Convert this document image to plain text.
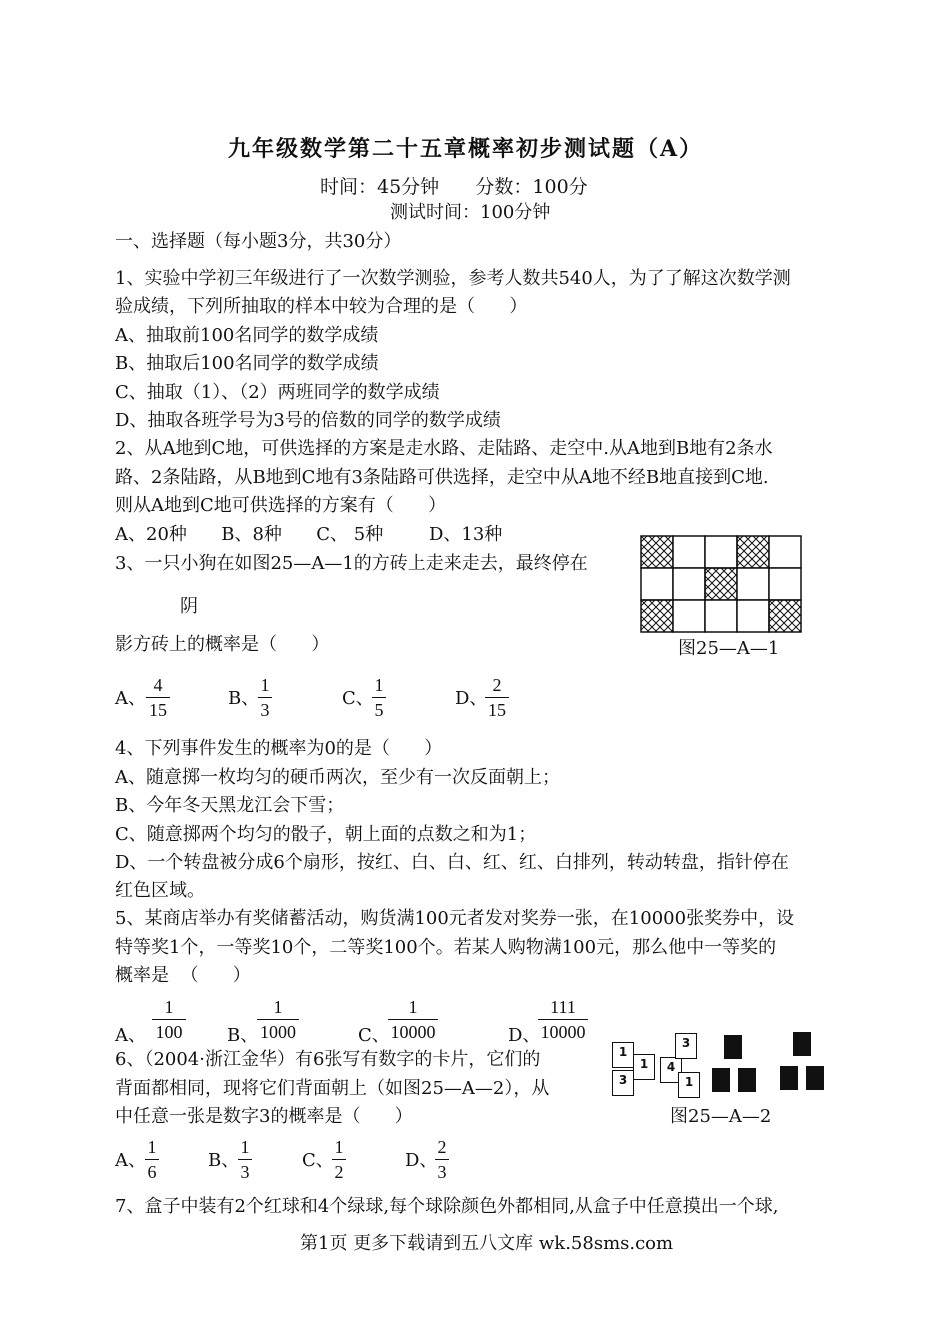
九年级数学第二十五章概率初步测试题（A）
时间：45分钟      分数：100分
测试时间：100分钟
一、选择题（每小题3分，共30分）
1、实验中学初三年级进行了一次数学测验，参考人数共540人，为了了解这次数学测
验成绩，下列所抽取的样本中较为合理的是（      ）
A、抽取前100名同学的数学成绩
B、抽取后100名同学的数学成绩
C、抽取（1）、（2）两班同学的数学成绩
D、抽取各班学号为3号的倍数的同学的数学成绩
2、从A地到C地，可供选择的方案是走水路、走陆路、走空中.从A地到B地有2条水
路、2条陆路，从B地到C地有3条陆路可供选择，走空中从A地不经B地直接到C地.
则从A地到C地可供选择的方案有（      ）
A、20种      B、8种      C、 5种        D、13种
3、一只小狗在如图25—A—1的方砖上走来走去，最终停在
阴
影方砖上的概率是（      ）	图25—A—1
A、
4
15
B、
1
3
C、
1
5
D、
2
15
4、下列事件发生的概率为0的是（      ）
A、随意掷一枚均匀的硬币两次，至少有一次反面朝上；
B、今年冬天黑龙江会下雪；
C、随意掷两个均匀的骰子，朝上面的点数之和为1；
D、一个转盘被分成6个扇形，按红、白、白、红、红、白排列，转动转盘，指针停在
红色区域。
5、某商店举办有奖储蓄活动，购货满100元者发对奖券一张，在10000张奖券中，设
特等奖1个，一等奖10个，二等奖100个。若某人购物满100元，那么他中一等奖的
概率是  （      ）
A、
1
100 B、
1
1000	C、
1
10000	D、
111
10000
6、（2004·浙江金华）有6张写有数字的卡片，它们的
背面都相同，现将它们背面朝上（如图25—A—2），从
中任意一张是数字3的概率是（      ）
1
3
1	4
3
1
图25—A—2
A、
1
6
B、
1
3
C、
1
2
D、
2
3
7、盒子中装有2个红球和4个绿球,每个球除颜色外都相同,从盒子中任意摸出一个球,
第1页 更多下载请到五八文库 wk.58sms.com
